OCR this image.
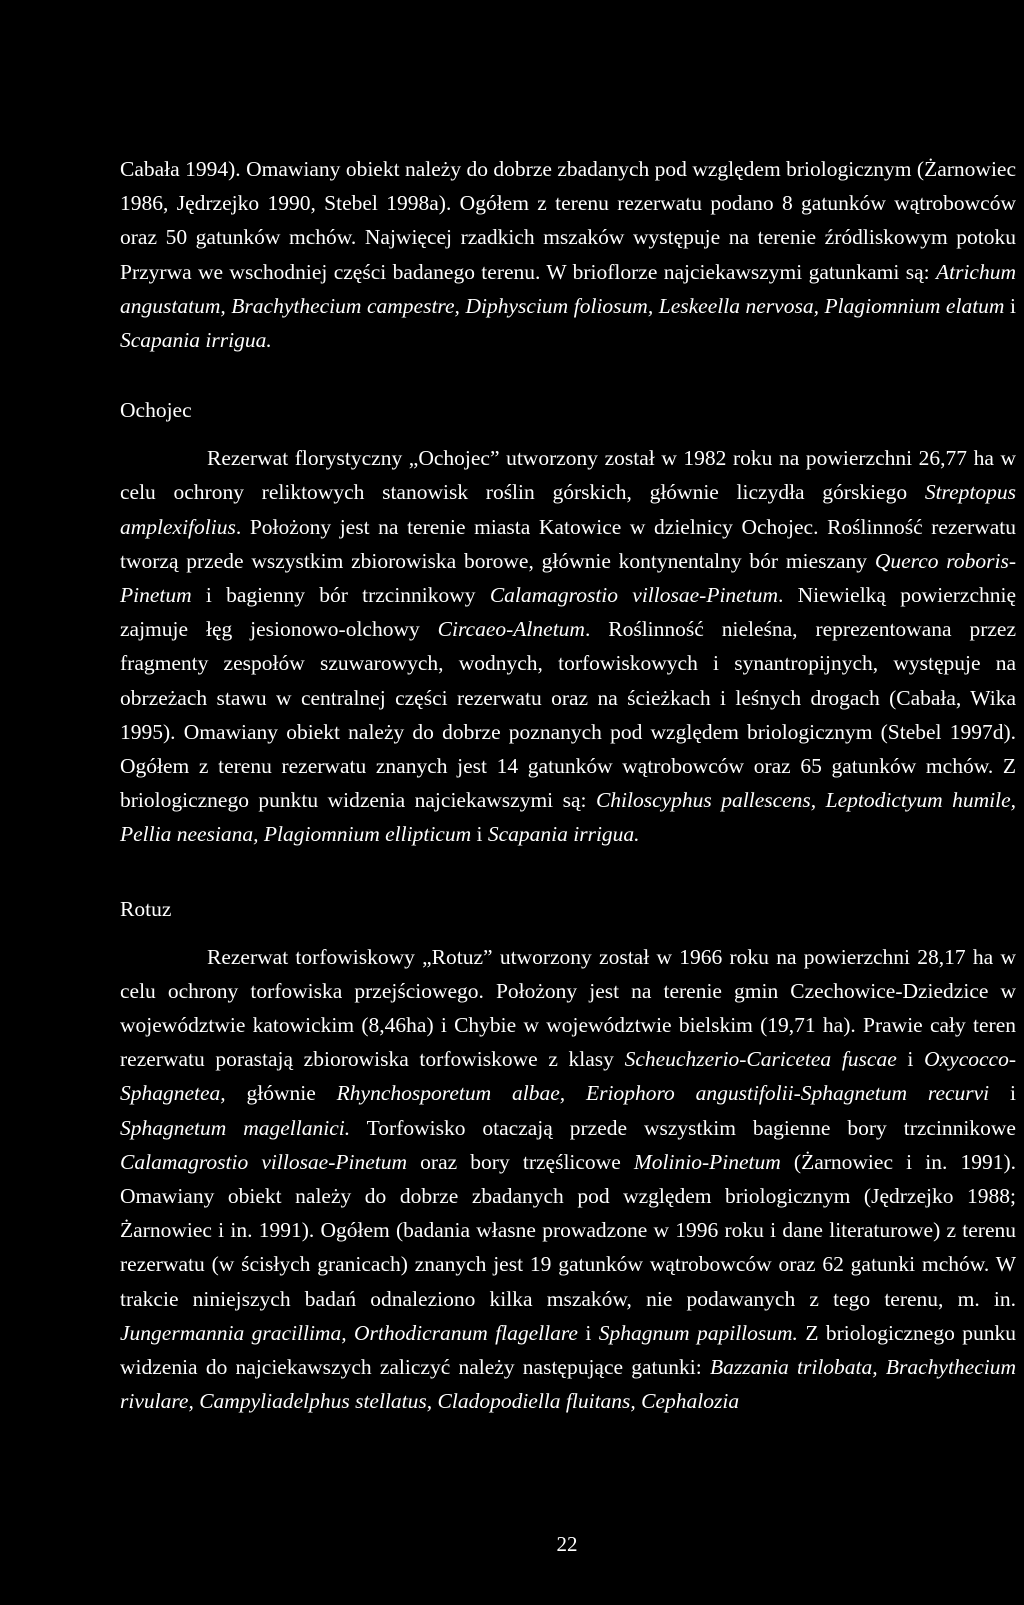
Cabała 1994). Omawiany obiekt należy do dobrze zbadanych pod względem briologicznym (Żarnowiec 1986, Jędrzejko 1990, Stebel 1998a). Ogółem z terenu rezerwatu podano 8 gatunków wątrobowców oraz 50 gatunków mchów. Najwięcej rzadkich mszaków występuje na terenie źródliskowym potoku Przyrwa we wschodniej części badanego terenu. W brioflorze najciekawszymi gatunkami są: Atrichum angustatum, Brachythecium campestre, Diphyscium foliosum, Leskeella nervosa, Plagiomnium elatum i Scapania irrigua.

Ochojec

Rezerwat florystyczny „Ochojec” utworzony został w 1982 roku na powierzchni 26,77 ha w celu ochrony reliktowych stanowisk roślin górskich, głównie liczydła górskiego Streptopus amplexifolius. Położony jest na terenie miasta Katowice w dzielnicy Ochojec. Roślinność rezerwatu tworzą przede wszystkim zbiorowiska borowe, głównie kontynentalny bór mieszany Querco roboris-Pinetum i bagienny bór trzcinnikowy Calamagrostio villosae-Pinetum. Niewielką powierzchnię zajmuje łęg jesionowo-olchowy Circaeo-Alnetum. Roślinność nieleśna, reprezentowana przez fragmenty zespołów szuwarowych, wodnych, torfowiskowych i synantropijnych, występuje na obrzeżach stawu w centralnej części rezerwatu oraz na ścieżkach i leśnych drogach (Cabała, Wika 1995). Omawiany obiekt należy do dobrze poznanych pod względem briologicznym (Stebel 1997d). Ogółem z terenu rezerwatu znanych jest 14 gatunków wątrobowców oraz 65 gatunków mchów. Z briologicznego punktu widzenia najciekawszymi są: Chiloscyphus pallescens, Leptodictyum humile, Pellia neesiana, Plagiomnium ellipticum i Scapania irrigua.

Rotuz

Rezerwat torfowiskowy „Rotuz” utworzony został w 1966 roku na powierzchni 28,17 ha w celu ochrony torfowiska przejściowego. Położony jest na terenie gmin Czechowice-Dziedzice w województwie katowickim (8,46ha) i Chybie w województwie bielskim (19,71 ha). Prawie cały teren rezerwatu porastają zbiorowiska torfowiskowe z klasy Scheuchzerio-Caricetea fuscae i Oxycocco-Sphagnetea, głównie Rhynchosporetum albae, Eriophoro angustifolii-Sphagnetum recurvi i Sphagnetum magellanici. Torfowisko otaczają przede wszystkim bagienne bory trzcinnikowe Calamagrostio villosae-Pinetum oraz bory trzęślicowe Molinio-Pinetum (Żarnowiec i in. 1991). Omawiany obiekt należy do dobrze zbadanych pod względem briologicznym (Jędrzejko 1988; Żarnowiec i in. 1991). Ogółem (badania własne prowadzone w 1996 roku i dane literaturowe) z terenu rezerwatu (w ścisłych granicach) znanych jest 19 gatunków wątrobowców oraz 62 gatunki mchów. W trakcie niniejszych badań odnaleziono kilka mszaków, nie podawanych z tego terenu, m. in. Jungermannia gracillima, Orthodicranum flagellare i Sphagnum papillosum. Z briologicznego punku widzenia do najciekawszych zaliczyć należy następujące gatunki: Bazzania trilobata, Brachythecium rivulare, Campyliadelphus stellatus, Cladopodiella fluitans, Cephalozia

22
